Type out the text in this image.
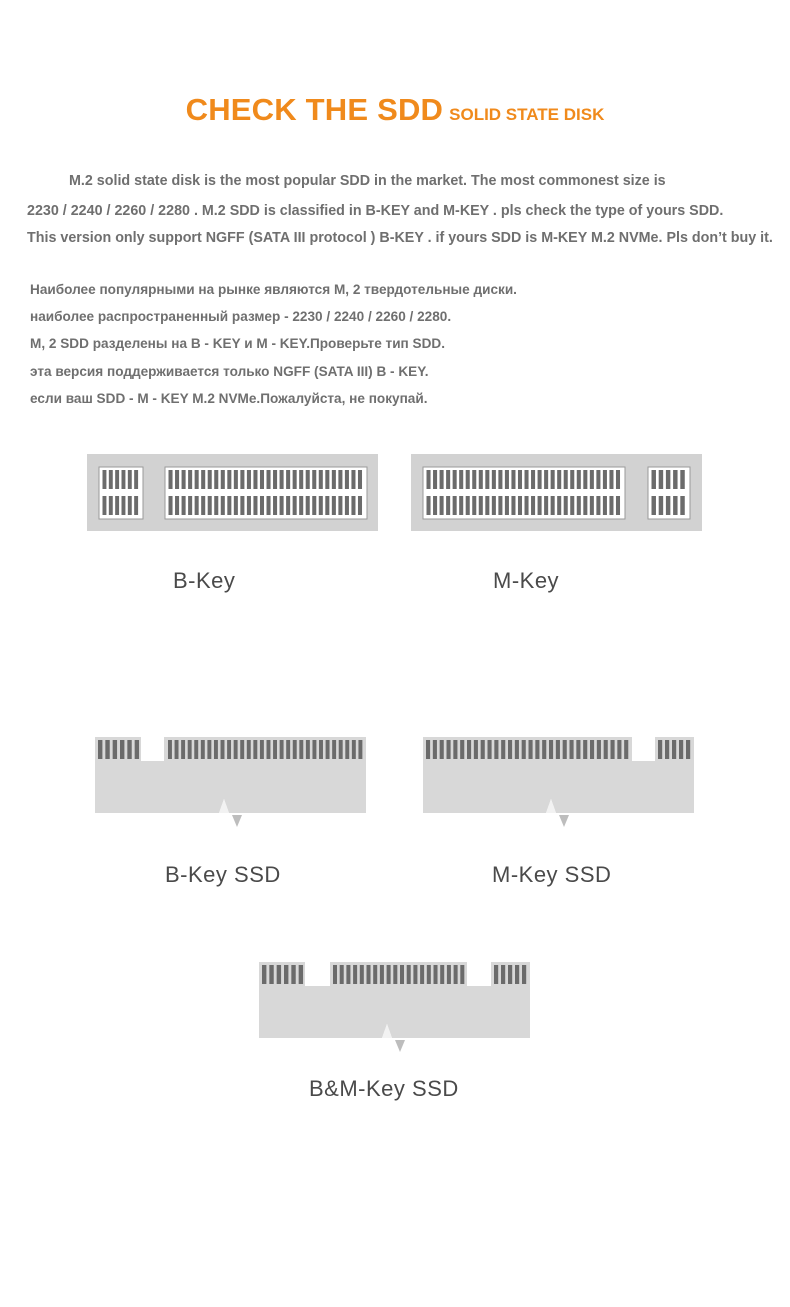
CHECK THE SDD SOLID STATE DISK
M.2 solid state disk is the most popular SDD in the market. The most commonest size is
2230 / 2240 / 2260 / 2280 . M.2 SDD is classified in B-KEY and M-KEY . pls check the type of yours SDD.
This version only support NGFF (SATA III protocol ) B-KEY . if yours SDD is M-KEY M.2 NVMe. Pls don’t buy it.
Наиболее популярными на рынке являются M, 2 твердотельные диски.
наиболее распространенный размер - 2230 / 2240 / 2260 / 2280.
M, 2 SDD разделены на B - KEY и M - KEY.Проверьте тип SDD.
эта версия поддерживается только NGFF (SATA III) B - KEY.
если ваш SDD - M - KEY M.2 NVMe.Пожалуйста, не покупай.
B-Key	M-Key
B-Key SSD	M-Key SSD
B&M-Key SSD
